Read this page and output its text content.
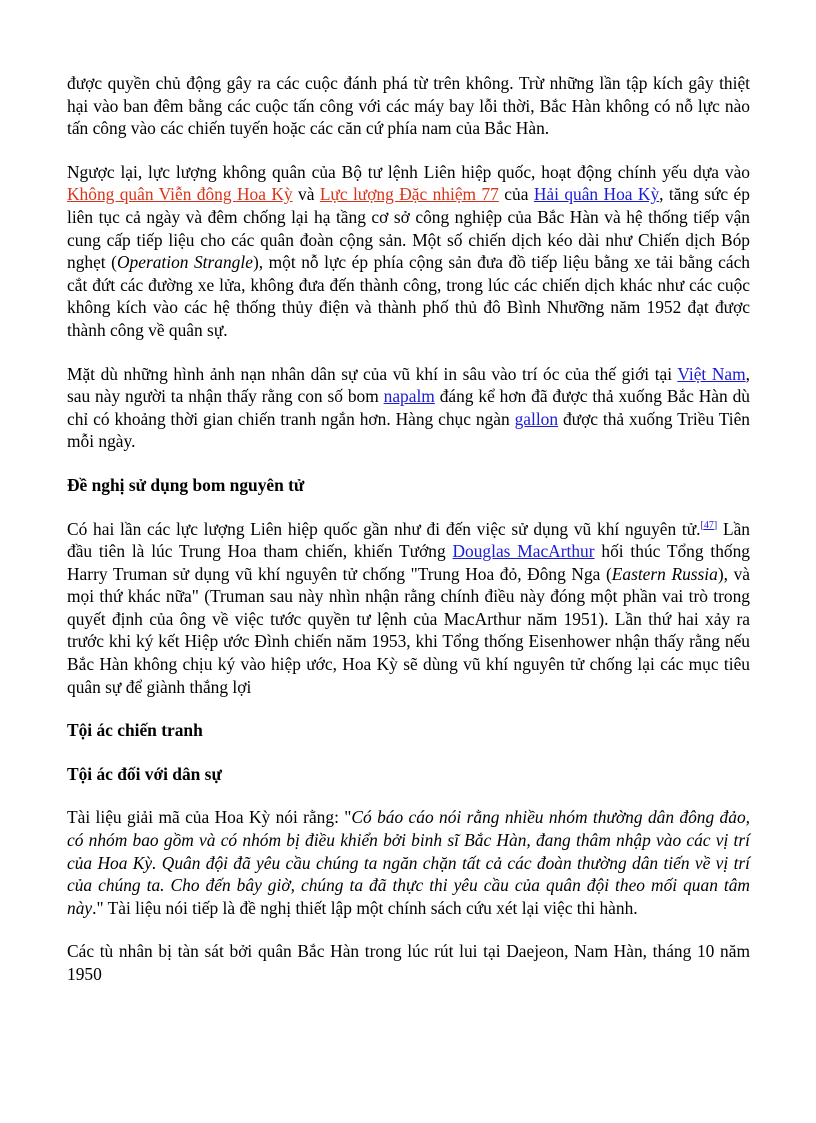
được quyền chủ động gây ra các cuộc đánh phá từ trên không. Trừ những lần tập kích gây thiệt hại vào ban đêm bằng các cuộc tấn công với các máy bay lỗi thời, Bắc Hàn không có nỗ lực nào tấn công vào các chiến tuyến hoặc các căn cứ phía nam của Bắc Hàn.

Ngược lại, lực lượng không quân của Bộ tư lệnh Liên hiệp quốc, hoạt động chính yếu dựa vào Không quân Viễn đông Hoa Kỳ và Lực lượng Đặc nhiệm 77 của Hải quân Hoa Kỳ, tăng sức ép liên tục cả ngày và đêm chống lại hạ tầng cơ sở công nghiệp của Bắc Hàn và hệ thống tiếp vận cung cấp tiếp liệu cho các quân đoàn cộng sản. Một số chiến dịch kéo dài như Chiến dịch Bóp nghẹt (Operation Strangle), một nỗ lực ép phía cộng sản đưa đồ tiếp liệu bằng xe tải bằng cách cắt đứt các đường xe lửa, không đưa đến thành công, trong lúc các chiến dịch khác như các cuộc không kích vào các hệ thống thủy điện và thành phố thủ đô Bình Nhưỡng năm 1952 đạt được thành công về quân sự.

Mặt dù những hình ảnh nạn nhân dân sự của vũ khí in sâu vào trí óc của thế giới tại Việt Nam, sau này người ta nhận thấy rằng con số bom napalm đáng kể hơn đã được thả xuống Bắc Hàn dù chỉ có khoảng thời gian chiến tranh ngắn hơn. Hàng chục ngàn gallon được thả xuống Triều Tiên mỗi ngày.

Đề nghị sử dụng bom nguyên tử

Có hai lần các lực lượng Liên hiệp quốc gần như đi đến việc sử dụng vũ khí nguyên tử.[47] Lần đầu tiên là lúc Trung Hoa tham chiến, khiến Tướng Douglas MacArthur hối thúc Tổng thống Harry Truman sử dụng vũ khí nguyên tử chống "Trung Hoa đỏ, Đông Nga (Eastern Russia), và mọi thứ khác nữa" (Truman sau này nhìn nhận rằng chính điều này đóng một phần vai trò trong quyết định của ông về việc tước quyền tư lệnh của MacArthur năm 1951). Lần thứ hai xảy ra trước khi ký kết Hiệp ước Đình chiến năm 1953, khi Tổng thống Eisenhower nhận thấy rằng nếu Bắc Hàn không chịu ký vào hiệp ước, Hoa Kỳ sẽ dùng vũ khí nguyên tử chống lại các mục tiêu quân sự để giành thắng lợi

Tội ác chiến tranh
Tội ác đối với dân sự

Tài liệu giải mã của Hoa Kỳ nói rằng: "Có báo cáo nói rằng nhiều nhóm thường dân đông đảo, có nhóm bao gồm và có nhóm bị điều khiển bởi binh sĩ Bắc Hàn, đang thâm nhập vào các vị trí của Hoa Kỳ. Quân đội đã yêu cầu chúng ta ngăn chặn tất cả các đoàn thường dân tiến về vị trí của chúng ta. Cho đến bây giờ, chúng ta đã thực thi yêu cầu của quân đội theo mối quan tâm này." Tài liệu nói tiếp là đề nghị thiết lập một chính sách cứu xét lại việc thi hành.

Các tù nhân bị tàn sát bởi quân Bắc Hàn trong lúc rút lui tại Daejeon, Nam Hàn, tháng 10 năm 1950
